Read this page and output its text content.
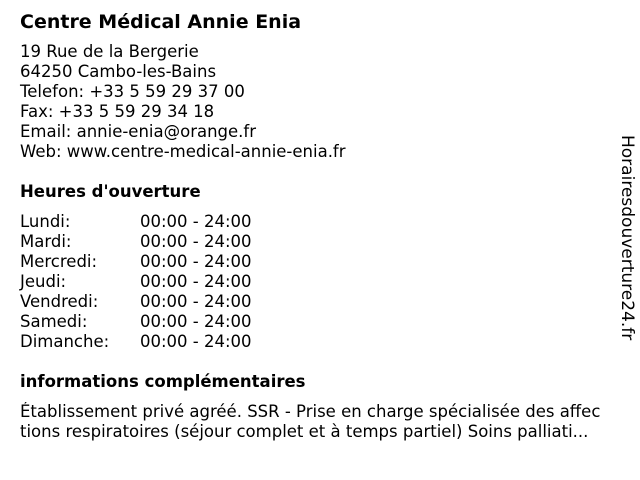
Centre Médical Annie Enia
19 Rue de la Bergerie
64250 Cambo-les-Bains
Telefon: +33 5 59 29 37 00
Fax: +33 5 59 29 34 18
Email: annie-enia@orange.fr
Web: www.centre-medical-annie-enia.fr
Heures d'ouverture
Lundi:	00:00 - 24:00
Mardi:	00:00 - 24:00
Mercredi:	00:00 - 24:00
Jeudi:	00:00 - 24:00
Vendredi:	00:00 - 24:00
Samedi:	00:00 - 24:00
Dimanche:	00:00 - 24:00
informations complémentaires
Établissement privé agréé. SSR - Prise en charge spécialisée des affec
tions respiratoires (séjour complet et à temps partiel) Soins palliati...
Horairesdouverture24.fr
